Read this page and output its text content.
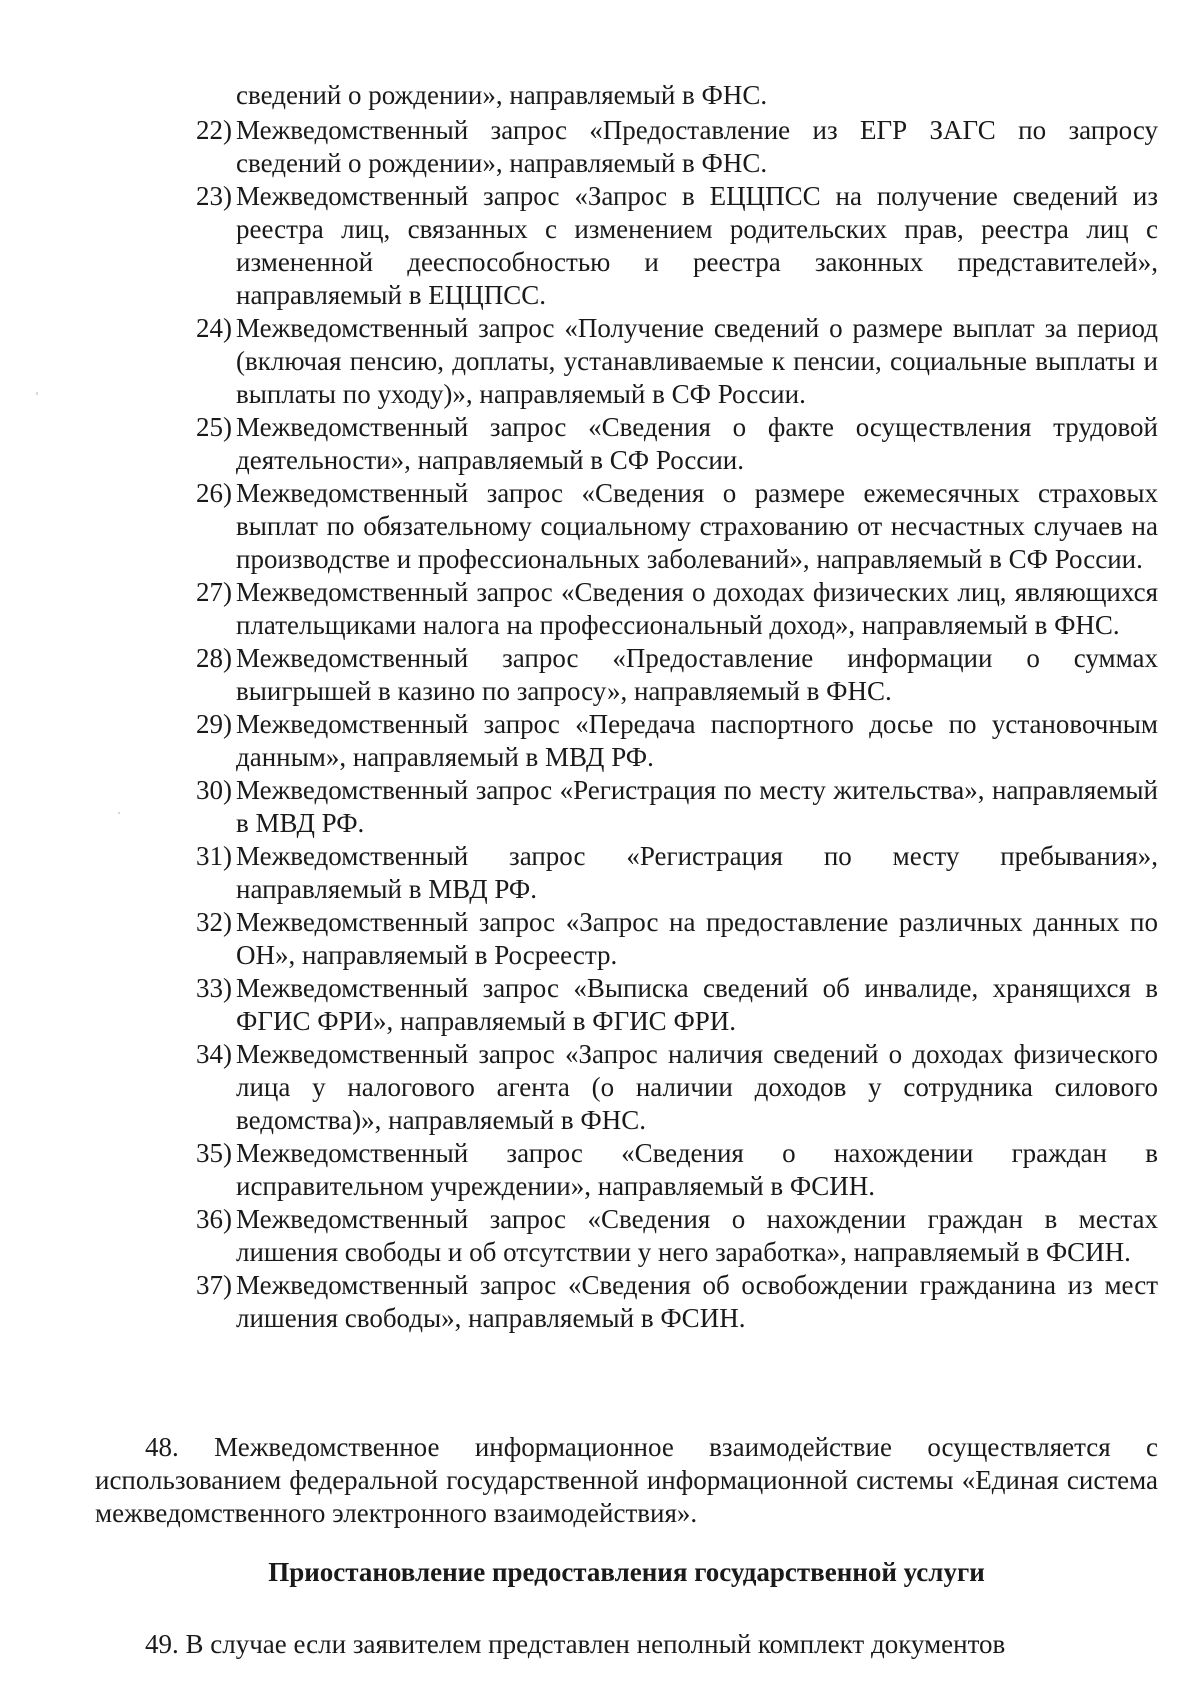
сведений о рождении», направляемый в ФНС.

22) Межведомственный запрос «Предоставление из ЕГР ЗАГС по запросу сведений о рождении», направляемый в ФНС.
23) Межведомственный запрос «Запрос в ЕЦЦПСС на получение сведений из реестра лиц, связанных с изменением родительских прав, реестра лиц с измененной дееспособностью и реестра законных представителей», направляемый в ЕЦЦПСС.
24) Межведомственный запрос «Получение сведений о размере выплат за период (включая пенсию, доплаты, устанавливаемые к пенсии, социальные выплаты и выплаты по уходу)», направляемый в СФ России.
25) Межведомственный запрос «Сведения о факте осуществления трудовой деятельности», направляемый в СФ России.
26) Межведомственный запрос «Сведения о размере ежемесячных страховых выплат по обязательному социальному страхованию от несчастных случаев на производстве и профессиональных заболеваний», направляемый в СФ России.
27) Межведомственный запрос «Сведения о доходах физических лиц, являющихся плательщиками налога на профессиональный доход», направляемый в ФНС.
28) Межведомственный запрос «Предоставление информации о суммах выигрышей в казино по запросу», направляемый в ФНС.
29) Межведомственный запрос «Передача паспортного досье по установочным данным», направляемый в МВД РФ.
30) Межведомственный запрос «Регистрация по месту жительства», направляемый в МВД РФ.
31) Межведомственный запрос «Регистрация по месту пребывания», направляемый в МВД РФ.
32) Межведомственный запрос «Запрос на предоставление различных данных по ОН», направляемый в Росреестр.
33) Межведомственный запрос «Выписка сведений об инвалиде, хранящихся в ФГИС ФРИ», направляемый в ФГИС ФРИ.
34) Межведомственный запрос «Запрос наличия сведений о доходах физического лица у налогового агента (о наличии доходов у сотрудника силового ведомства)», направляемый в ФНС.
35) Межведомственный запрос «Сведения о нахождении граждан в исправительном учреждении», направляемый в ФСИН.
36) Межведомственный запрос «Сведения о нахождении граждан в местах лишения свободы и об отсутствии у него заработка», направляемый в ФСИН.
37) Межведомственный запрос «Сведения об освобождении гражданина из мест лишения свободы», направляемый в ФСИН.

48. Межведомственное информационное взаимодействие осуществляется с использованием федеральной государственной информационной системы «Единая система межведомственного электронного взаимодействия».

Приостановление предоставления государственной услуги

49. В случае если заявителем представлен неполный комплект документов
